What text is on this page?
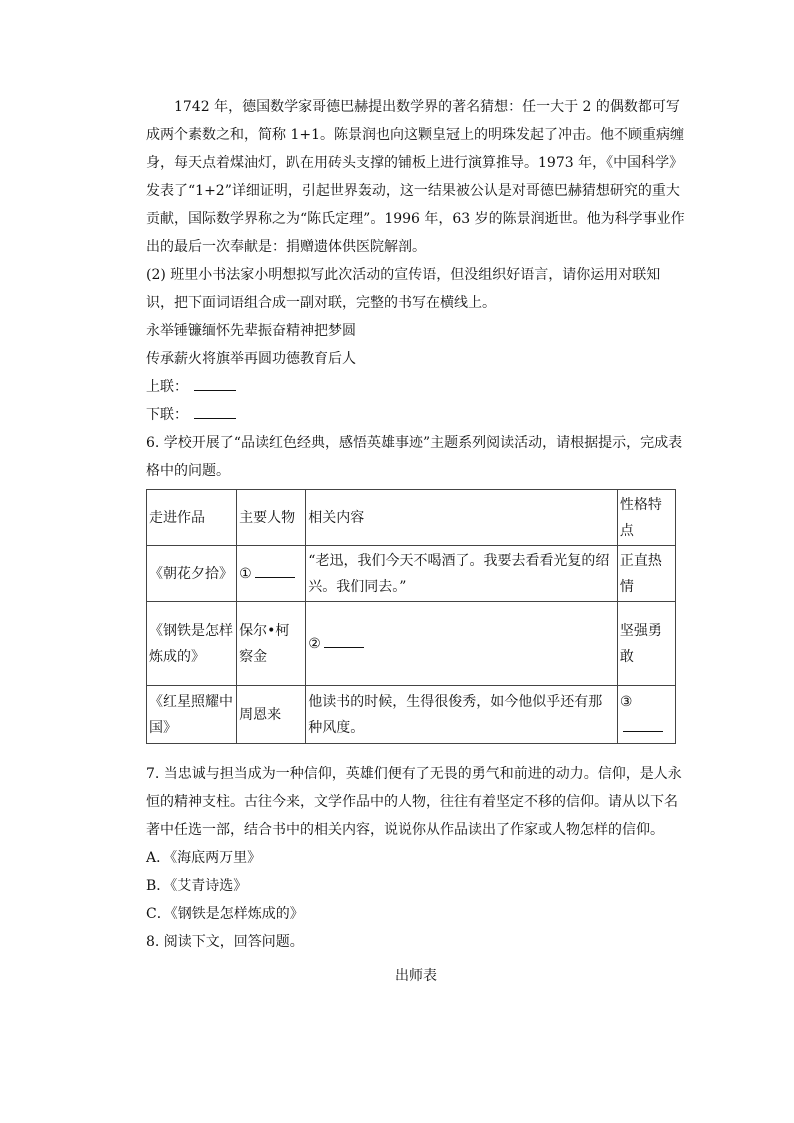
1742 年，德国数学家哥德巴赫提出数学界的著名猜想：任一大于 2 的偶数都可写成两个素数之和，简称 1+1。陈景润也向这颗皇冠上的明珠发起了冲击。他不顾重病缠身，每天点着煤油灯，趴在用砖头支撑的铺板上进行演算推导。1973 年，《中国科学》发表了“1+2”详细证明，引起世界轰动，这一结果被公认是对哥德巴赫猜想研究的重大贡献，国际数学界称之为“陈氏定理”。1996 年，63 岁的陈景润逝世。他为科学事业作出的最后一次奉献是：捐赠遗体供医院解剖。

(2) 班里小书法家小明想拟写此次活动的宣传语，但没组织好语言，请你运用对联知识，把下面词语组合成一副对联，完整的书写在横线上。

永举锤镰缅怀先辈振奋精神把梦圆

传承薪火将旗举再圆功德教育后人

上联：

下联：

6. 学校开展了“品读红色经典，感悟英雄事迹”主题系列阅读活动，请根据提示，完成表格中的问题。

走进作品	主要人物	相关内容	性格特点
《朝花夕拾》	①	“老迅，我们今天不喝酒了。我要去看看光复的绍兴。我们同去。”	正直热情
《钢铁是怎样炼成的》	保尔•柯察金	②	坚强勇敢
《红星照耀中国》	周恩来	他读书的时候，生得很俊秀，如今他似乎还有那种风度。	③

7. 当忠诚与担当成为一种信仰，英雄们便有了无畏的勇气和前进的动力。信仰，是人永恒的精神支柱。古往今来，文学作品中的人物，往往有着坚定不移的信仰。请从以下名著中任选一部，结合书中的相关内容，说说你从作品读出了作家或人物怎样的信仰。

A．《海底两万里》

B．《艾青诗选》

C．《钢铁是怎样炼成的》

8. 阅读下文，回答问题。

出师表
